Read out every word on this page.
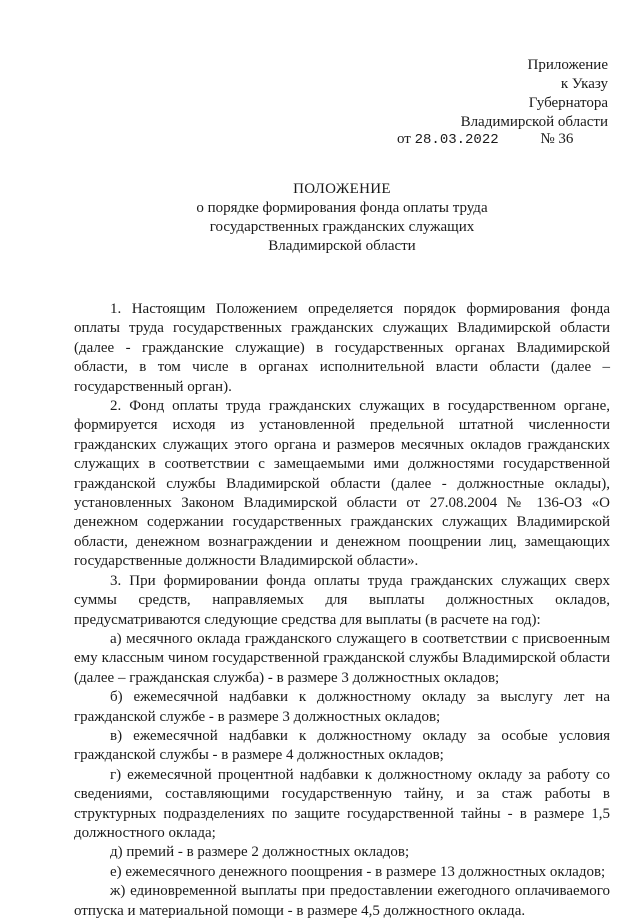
Приложение
к Указу
Губернатора
Владимирской области
от 28.03.2022	№ 36
ПОЛОЖЕНИЕ
о порядке формирования фонда оплаты труда
государственных гражданских служащих
Владимирской области

1. Настоящим Положением определяется порядок формирования фонда оплаты труда государственных гражданских служащих Владимирской области (далее - гражданские служащие) в государственных органах Владимирской области, в том числе в органах исполнительной власти области (далее – государственный орган).

2. Фонд оплаты труда гражданских служащих в государственном органе, формируется исходя из установленной предельной штатной численности гражданских служащих этого органа и размеров месячных окладов гражданских служащих в соответствии с замещаемыми ими должностями государственной гражданской службы Владимирской области (далее - должностные оклады), установленных Законом Владимирской области от 27.08.2004 № 136-ОЗ «О денежном содержании государственных гражданских служащих Владимирской области, денежном вознаграждении и денежном поощрении лиц, замещающих государственные должности Владимирской области».

3. При формировании фонда оплаты труда гражданских служащих сверх суммы средств, направляемых для выплаты должностных окладов, предусматриваются следующие средства для выплаты (в расчете на год):

а) месячного оклада гражданского служащего в соответствии с присвоенным ему классным чином государственной гражданской службы Владимирской области (далее – гражданская служба) - в размере 3 должностных окладов;

б) ежемесячной надбавки к должностному окладу за выслугу лет на гражданской службе - в размере 3 должностных окладов;

в) ежемесячной надбавки к должностному окладу за особые условия гражданской службы - в размере 4 должностных окладов;

г) ежемесячной процентной надбавки к должностному окладу за работу со сведениями, составляющими государственную тайну, и за стаж работы в структурных подразделениях по защите государственной тайны - в размере 1,5 должностного оклада;

д) премий - в размере 2 должностных окладов;

е) ежемесячного денежного поощрения - в размере 13 должностных окладов;

ж) единовременной выплаты при предоставлении ежегодного оплачиваемого отпуска и материальной помощи - в размере 4,5 должностного оклада.
